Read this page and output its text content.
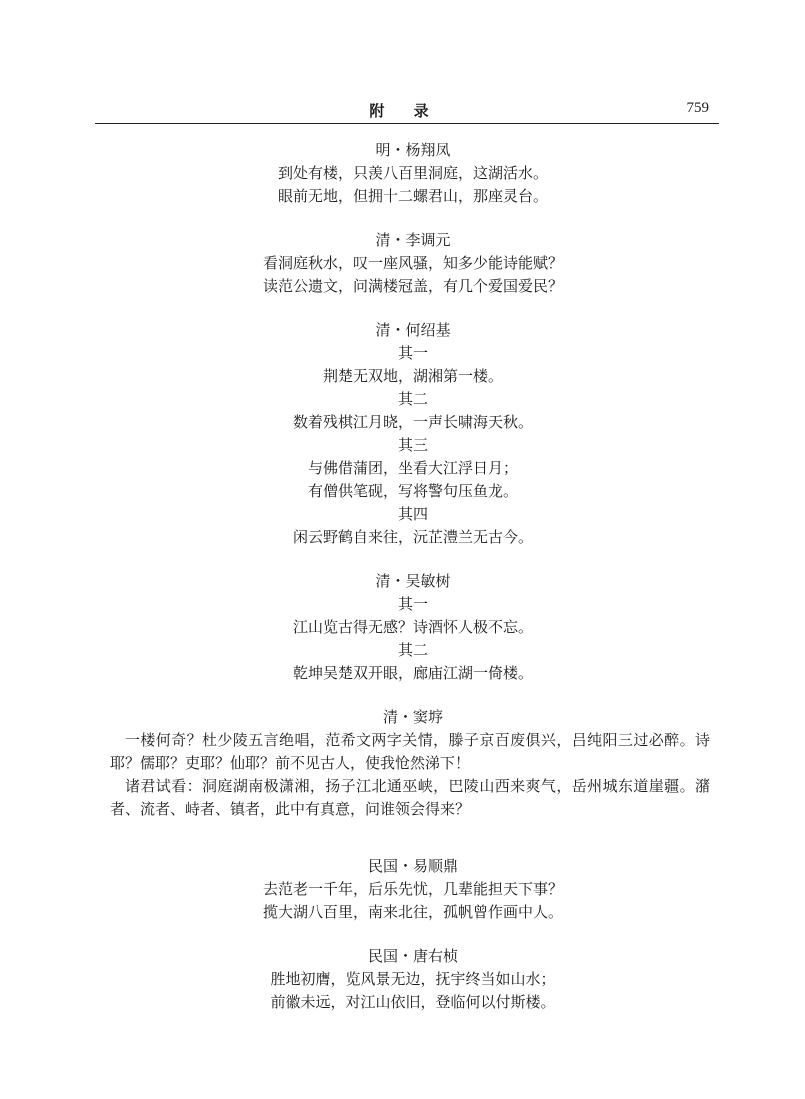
附 录	759
明・杨翔凤
到处有楼，只羡八百里洞庭，这湖活水。
眼前无地，但拥十二螺君山，那座灵台。
清・李调元
看洞庭秋水，叹一座风骚，知多少能诗能赋？
读范公遗文，问满楼冠盖，有几个爱国爱民？
清・何绍基
其一
荆楚无双地，湖湘第一楼。
其二
数着残棋江月晓，一声长啸海天秋。
其三
与佛借蒲团，坐看大江浮日月；
有僧供笔砚，写将警句压鱼龙。
其四
闲云野鹤自来往，沅芷澧兰无古今。
清・吴敏树
其一
江山览古得无感？诗酒怀人极不忘。
其二
乾坤吴楚双开眼，廊庙江湖一倚楼。
清・窦垿

一楼何奇？杜少陵五言绝唱，范希文两字关情，滕子京百废俱兴，吕纯阳三过必醉。诗耶？儒耶？吏耶？仙耶？前不见古人，使我怆然涕下！

诸君试看：洞庭湖南极潇湘，扬子江北通巫峡，巴陵山西来爽气，岳州城东道崖疆。潴者、流者、峙者、镇者，此中有真意，问谁领会得来？

民国・易顺鼎
去范老一千年，后乐先忧，几辈能担天下事？
揽大湖八百里，南来北往，孤帆曾作画中人。
民国・唐右桢
胜地初膺，览风景无边，抚宇终当如山水；
前徽未远，对江山依旧，登临何以付斯楼。
